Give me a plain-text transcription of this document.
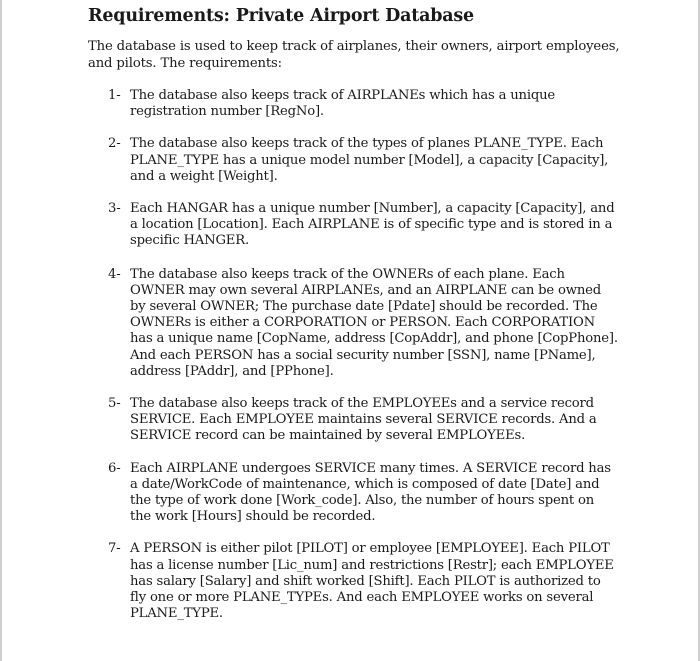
Requirements: Private Airport Database
The database is used to keep track of airplanes, their owners, airport employees, and pilots. The requirements:
1- The database also keeps track of AIRPLANEs which has a unique registration number [RegNo].
2- The database also keeps track of the types of planes PLANE_TYPE. Each PLANE_TYPE has a unique model number [Model], a capacity [Capacity], and a weight [Weight].
3- Each HANGAR has a unique number [Number], a capacity [Capacity], and a location [Location]. Each AIRPLANE is of specific type and is stored in a specific HANGER.
4- The database also keeps track of the OWNERs of each plane. Each OWNER may own several AIRPLANEs, and an AIRPLANE can be owned by several OWNER; The purchase date [Pdate] should be recorded. The OWNERs is either a CORPORATION or PERSON. Each CORPORATION has a unique name [CopName, address [CopAddr], and phone [CopPhone]. And each PERSON has a social security number [SSN], name [PName], address [PAddr], and [PPhone].
5- The database also keeps track of the EMPLOYEEs and a service record SERVICE. Each EMPLOYEE maintains several SERVICE records. And a SERVICE record can be maintained by several EMPLOYEEs.
6- Each AIRPLANE undergoes SERVICE many times. A SERVICE record has a date/WorkCode of maintenance, which is composed of date [Date] and the type of work done [Work_code]. Also, the number of hours spent on the work [Hours] should be recorded.
7- A PERSON is either pilot [PILOT] or employee [EMPLOYEE]. Each PILOT has a license number [Lic_num] and restrictions [Restr]; each EMPLOYEE has salary [Salary] and shift worked [Shift]. Each PILOT is authorized to fly one or more PLANE_TYPEs. And each EMPLOYEE works on several PLANE_TYPE.
